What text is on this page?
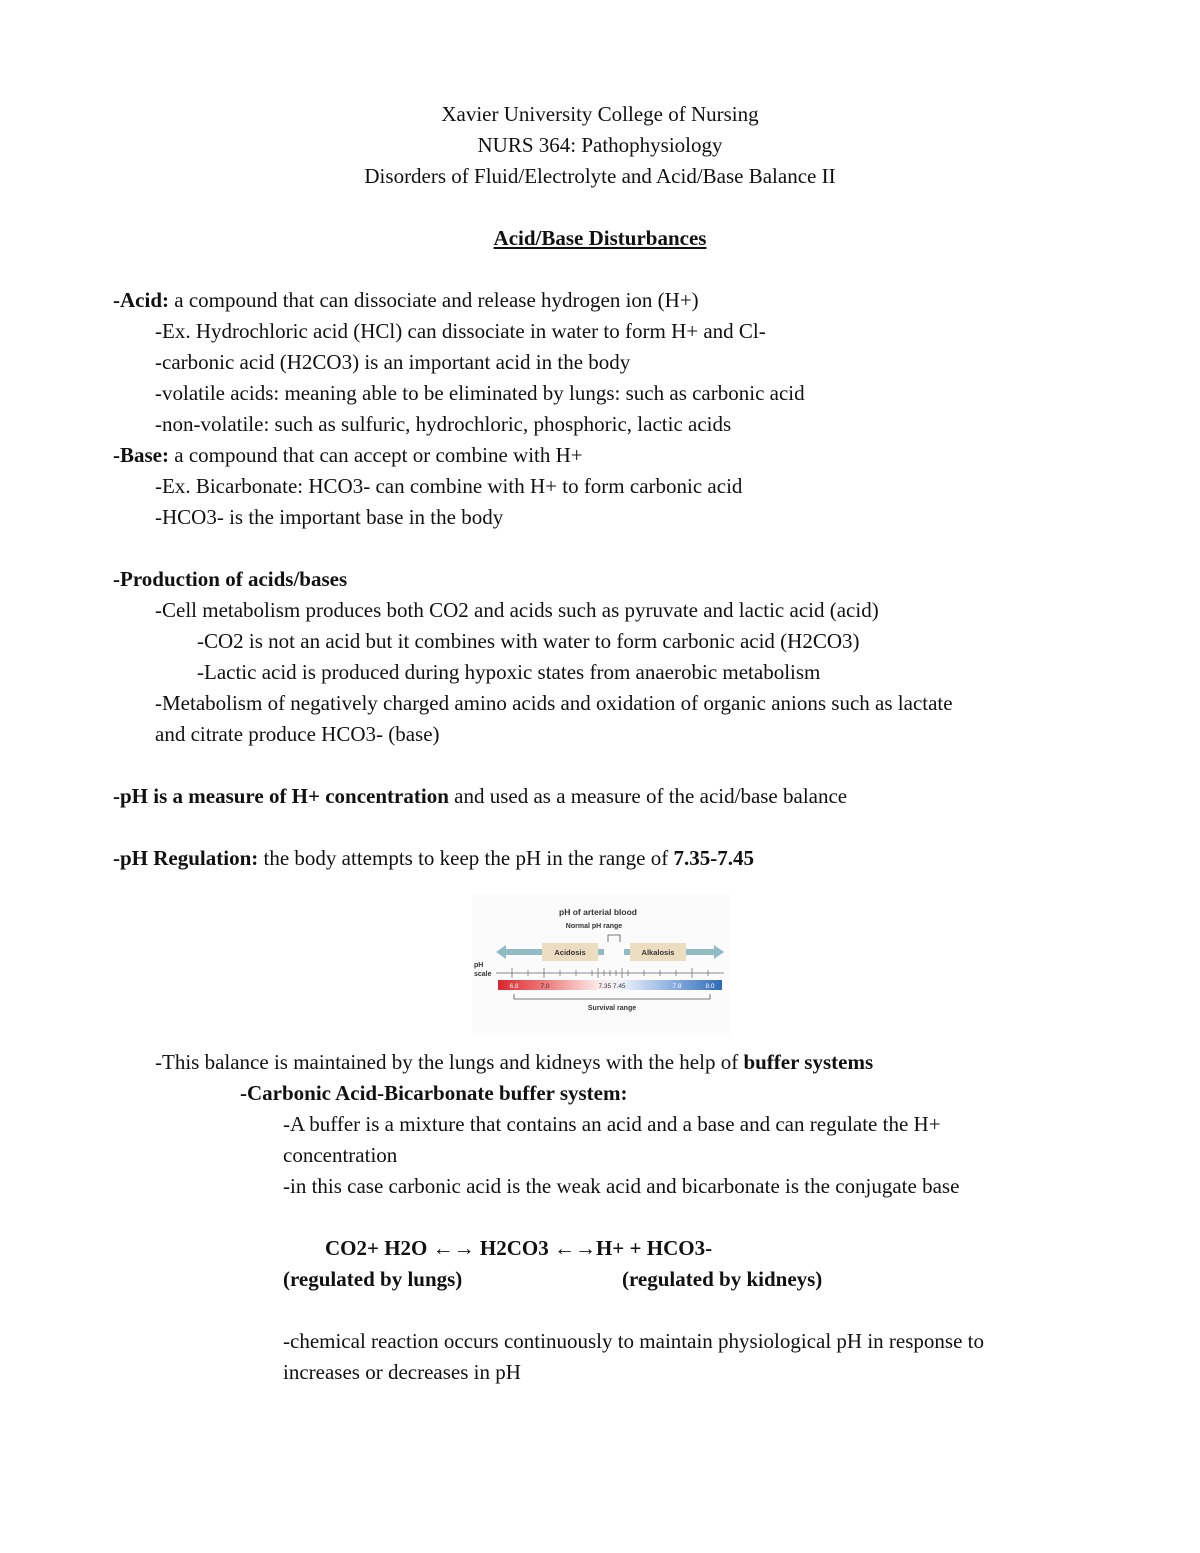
Xavier University College of Nursing
NURS 364: Pathophysiology
Disorders of Fluid/Electrolyte and Acid/Base Balance II
Acid/Base Disturbances
-Acid: a compound that can dissociate and release hydrogen ion (H+)
-Ex. Hydrochloric acid (HCl) can dissociate in water to form H+ and Cl-
-carbonic acid (H2CO3) is an important acid in the body
-volatile acids: meaning able to be eliminated by lungs: such as carbonic acid
-non-volatile: such as sulfuric, hydrochloric, phosphoric, lactic acids
-Base: a compound that can accept or combine with H+
-Ex. Bicarbonate: HCO3- can combine with H+ to form carbonic acid
-HCO3- is the important base in the body
-Production of acids/bases
-Cell metabolism produces both CO2 and acids such as pyruvate and lactic acid (acid)
-CO2 is not an acid but it combines with water to form carbonic acid (H2CO3)
-Lactic acid is produced during hypoxic states from anaerobic metabolism
-Metabolism of negatively charged amino acids and oxidation of organic anions such as lactate
and citrate produce HCO3- (base)
-pH is a measure of H+ concentration and used as a measure of the acid/base balance
-pH Regulation: the body attempts to keep the pH in the range of 7.35-7.45
pH of arterial blood
Normal pH range
Acidosis	Alkalosis
pH
scale
6.8	7.0	7.35 7.45	7.8	8.0
Survival range
-This balance is maintained by the lungs and kidneys with the help of buffer systems
-Carbonic Acid-Bicarbonate buffer system:
-A buffer is a mixture that contains an acid and a base and can regulate the H+
concentration
-in this case carbonic acid is the weak acid and bicarbonate is the conjugate base
CO2+ H2O ←→ H2CO3 ←→H+ + HCO3-
(regulated by lungs)	(regulated by kidneys)
-chemical reaction occurs continuously to maintain physiological pH in response to
increases or decreases in pH
